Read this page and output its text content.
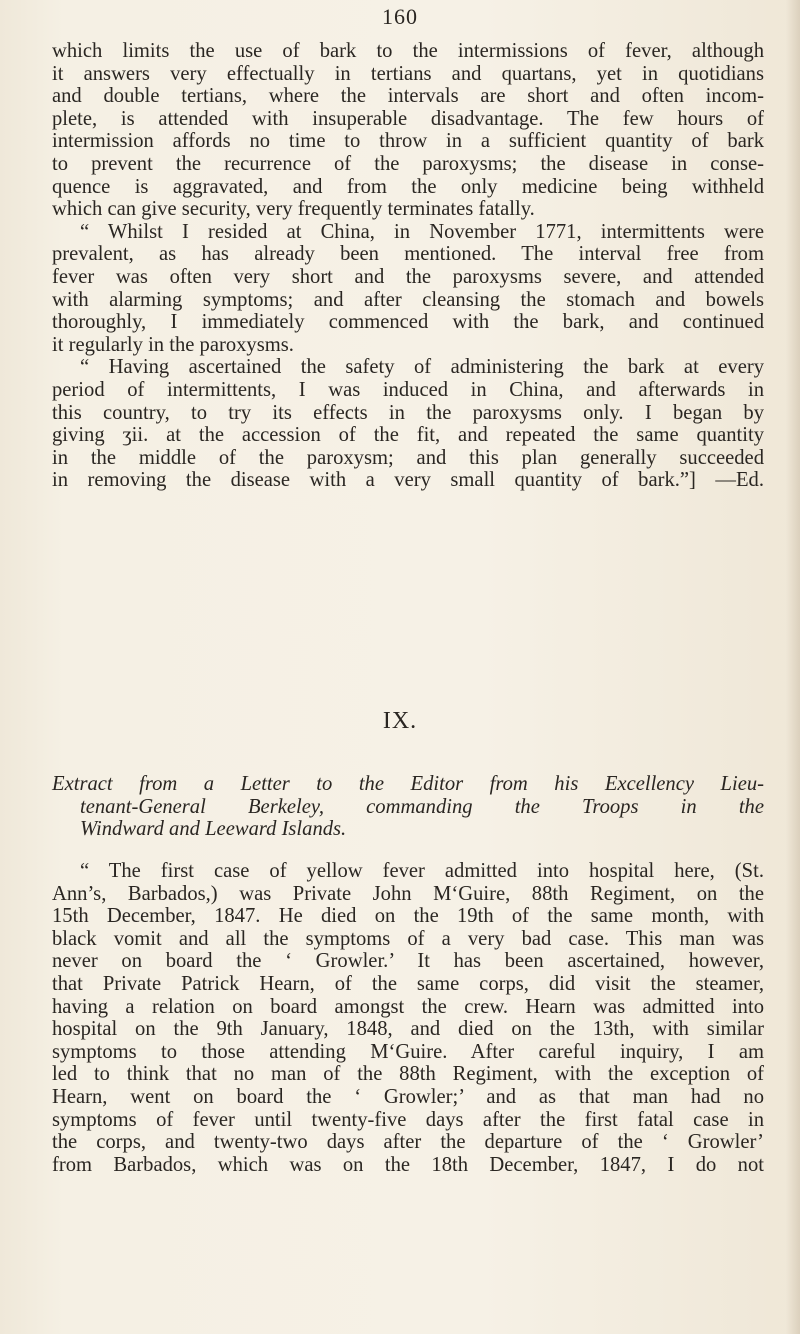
160
which limits the use of bark to the intermissions of fever, although
it answers very effectually in tertians and quartans, yet in quotidians
and double tertians, where the intervals are short and often incom-
plete, is attended with insuperable disadvantage. The few hours of
intermission affords no time to throw in a sufficient quantity of bark
to prevent the recurrence of the paroxysms; the disease in conse-
quence is aggravated, and from the only medicine being withheld
which can give security, very frequently terminates fatally.
“ Whilst I resided at China, in November 1771, intermittents were
prevalent, as has already been mentioned. The interval free from
fever was often very short and the paroxysms severe, and attended
with alarming symptoms; and after cleansing the stomach and bowels
thoroughly, I immediately commenced with the bark, and continued
it regularly in the paroxysms.
“ Having ascertained the safety of administering the bark at every
period of intermittents, I was induced in China, and afterwards in
this country, to try its effects in the paroxysms only. I began by
giving ʒii. at the accession of the fit, and repeated the same quantity
in the middle of the paroxysm; and this plan generally succeeded
in removing the disease with a very small quantity of bark.”] —Ed.
IX.
Extract from a Letter to the Editor from his Excellency Lieu-
tenant-General Berkeley, commanding the Troops in the
Windward and Leeward Islands.
“ The first case of yellow fever admitted into hospital here, (St.
Ann’s, Barbados,) was Private John M‘Guire, 88th Regiment, on the
15th December, 1847. He died on the 19th of the same month, with
black vomit and all the symptoms of a very bad case. This man was
never on board the ‘ Growler.’ It has been ascertained, however,
that Private Patrick Hearn, of the same corps, did visit the steamer,
having a relation on board amongst the crew. Hearn was admitted into
hospital on the 9th January, 1848, and died on the 13th, with similar
symptoms to those attending M‘Guire. After careful inquiry, I am
led to think that no man of the 88th Regiment, with the exception of
Hearn, went on board the ‘ Growler;’ and as that man had no
symptoms of fever until twenty-five days after the first fatal case in
the corps, and twenty-two days after the departure of the ‘ Growler’
from Barbados, which was on the 18th December, 1847, I do not
